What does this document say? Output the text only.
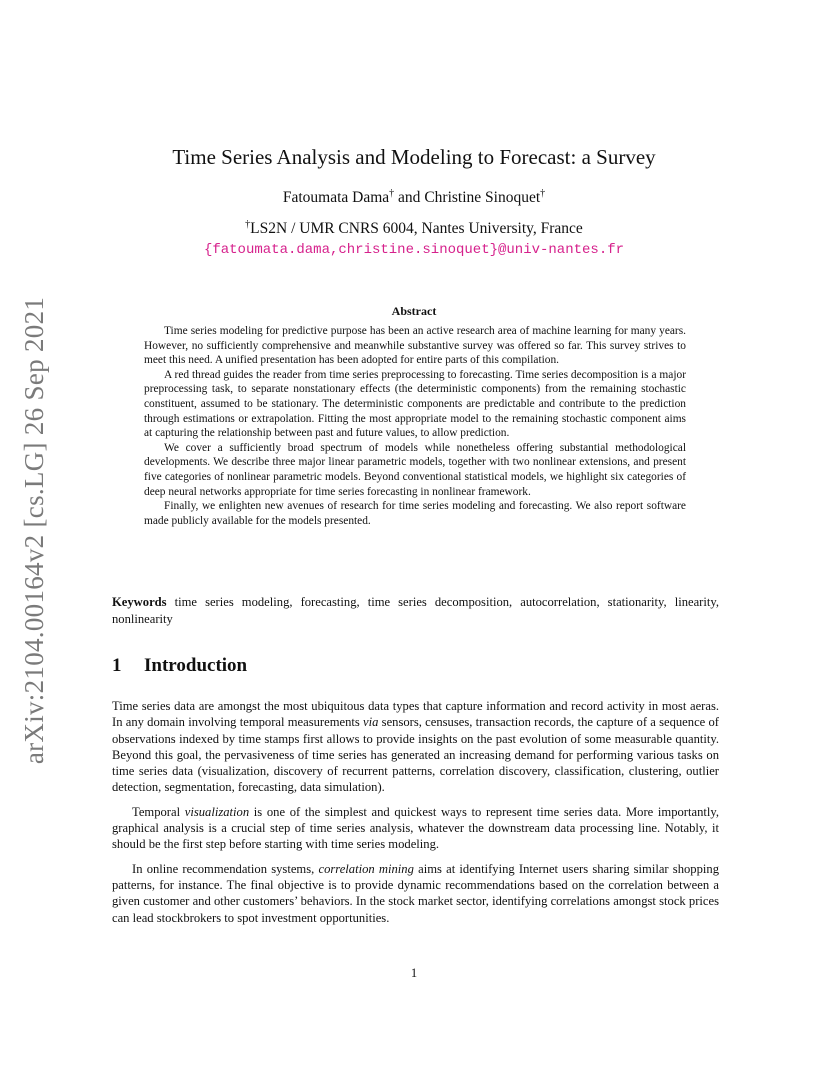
arXiv:2104.00164v2 [cs.LG] 26 Sep 2021
Time Series Analysis and Modeling to Forecast: a Survey
Fatoumata Dama† and Christine Sinoquet†
†LS2N / UMR CNRS 6004, Nantes University, France
{fatoumata.dama,christine.sinoquet}@univ-nantes.fr
Abstract

Time series modeling for predictive purpose has been an active research area of machine learning for many years. However, no sufficiently comprehensive and meanwhile substantive survey was offered so far. This survey strives to meet this need. A unified presentation has been adopted for entire parts of this compilation.

A red thread guides the reader from time series preprocessing to forecasting. Time series decomposition is a major preprocessing task, to separate nonstationary effects (the deterministic components) from the remaining stochastic constituent, assumed to be stationary. The deterministic components are predictable and contribute to the prediction through estimations or extrapolation. Fitting the most appropriate model to the remaining stochastic component aims at capturing the relationship between past and future values, to allow prediction.

We cover a sufficiently broad spectrum of models while nonetheless offering substantial methodological developments. We describe three major linear parametric models, together with two nonlinear extensions, and present five categories of nonlinear parametric models. Beyond conventional statistical models, we highlight six categories of deep neural networks appropriate for time series forecasting in nonlinear framework.

Finally, we enlighten new avenues of research for time series modeling and forecasting. We also report software made publicly available for the models presented.

Keywords time series modeling, forecasting, time series decomposition, autocorrelation, stationarity, linearity, nonlinearity
1 Introduction

Time series data are amongst the most ubiquitous data types that capture information and record activity in most aeras. In any domain involving temporal measurements via sensors, censuses, transaction records, the capture of a sequence of observations indexed by time stamps first allows to provide insights on the past evolution of some measurable quantity. Beyond this goal, the pervasiveness of time series has generated an increasing demand for performing various tasks on time series data (visualization, discovery of recurrent patterns, correlation discovery, classification, clustering, outlier detection, segmentation, forecasting, data simulation).

Temporal visualization is one of the simplest and quickest ways to represent time series data. More importantly, graphical analysis is a crucial step of time series analysis, whatever the downstream data processing line. Notably, it should be the first step before starting with time series modeling.

In online recommendation systems, correlation mining aims at identifying Internet users sharing similar shopping patterns, for instance. The final objective is to provide dynamic recommendations based on the correlation between a given customer and other customers’ behaviors. In the stock market sector, identifying correlations amongst stock prices can lead stockbrokers to spot investment opportunities.

1
